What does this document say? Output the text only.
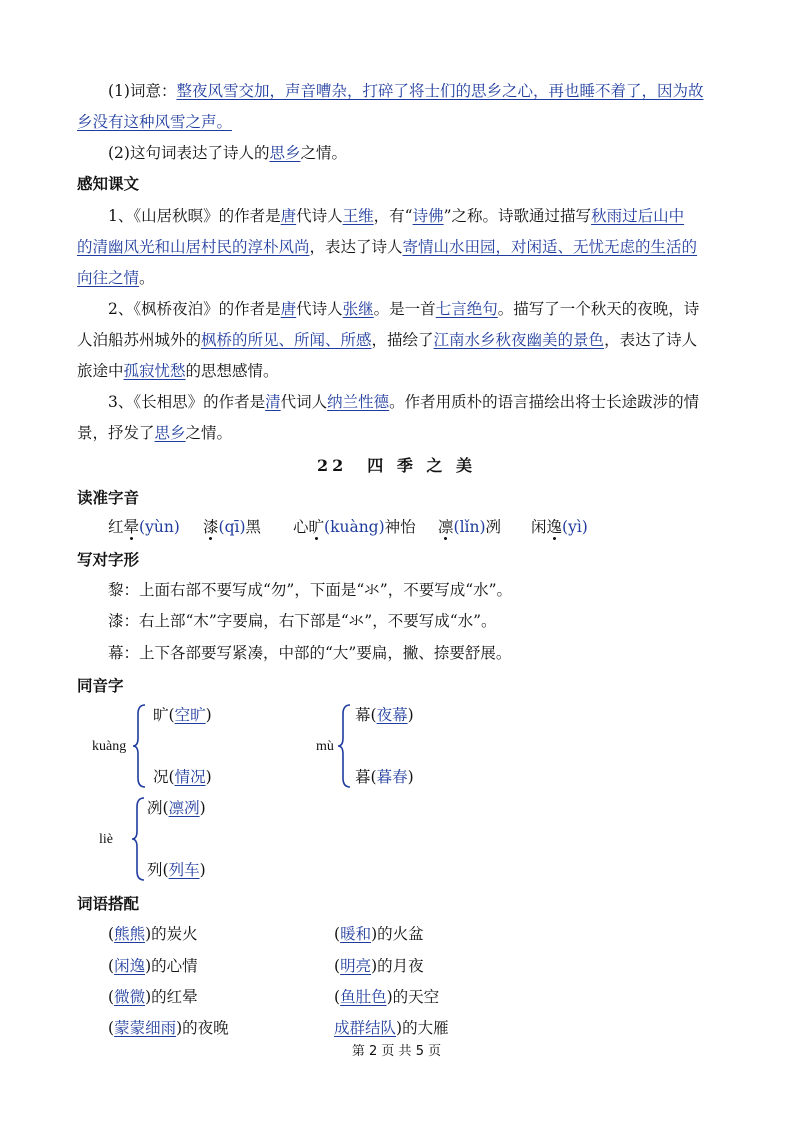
(1)词意：整夜风雪交加，声音嘈杂，打碎了将士们的思乡之心，再也睡不着了，因为故

乡没有这种风雪之声。

(2)这句词表达了诗人的思乡之情。

感知课文

1、《山居秋暝》的作者是唐代诗人王维，有“诗佛”之称。诗歌通过描写秋雨过后山中

的清幽风光和山居村民的淳朴风尚，表达了诗人寄情山水田园，对闲适、无忧无虑的生活的

向往之情。

2、《枫桥夜泊》的作者是唐代诗人张继。是一首七言绝句。描写了一个秋天的夜晚，诗

人泊船苏州城外的枫桥的所见、所闻、所感，描绘了江南水乡秋夜幽美的景色，表达了诗人

旅途中孤寂忧愁的思想感情。

3、《长相思》的作者是清代词人纳兰性德。作者用质朴的语言描绘出将士长途跋涉的情

景，抒发了思乡之情。

22　四 季 之 美
读准字音
红晕(yùn) 漆(qī)黑 心旷(kuàng)神怡 凛(lǐn)冽 闲逸(yì)
写对字形

黎：上面右部不要写成“勿”，下面是“氺”，不要写成“水”。

漆：右上部“木”字要扁，右下部是“氺”，不要写成“水”。

幕：上下各部要写紧凑，中部的“大”要扁，撇、捺要舒展。

同音字
kuàng
旷(空旷)
况(情况)
mù
幕(夜幕)
暮(暮春)
liè
冽(凛冽)
列(列车)
词语搭配
(熊熊)的炭火	(暖和)的火盆
(闲逸)的心情	(明亮)的月夜
(微微)的红晕	(鱼肚色)的天空
(蒙蒙细雨)的夜晚	成群结队)的大雁
第 2 页 共 5 页
